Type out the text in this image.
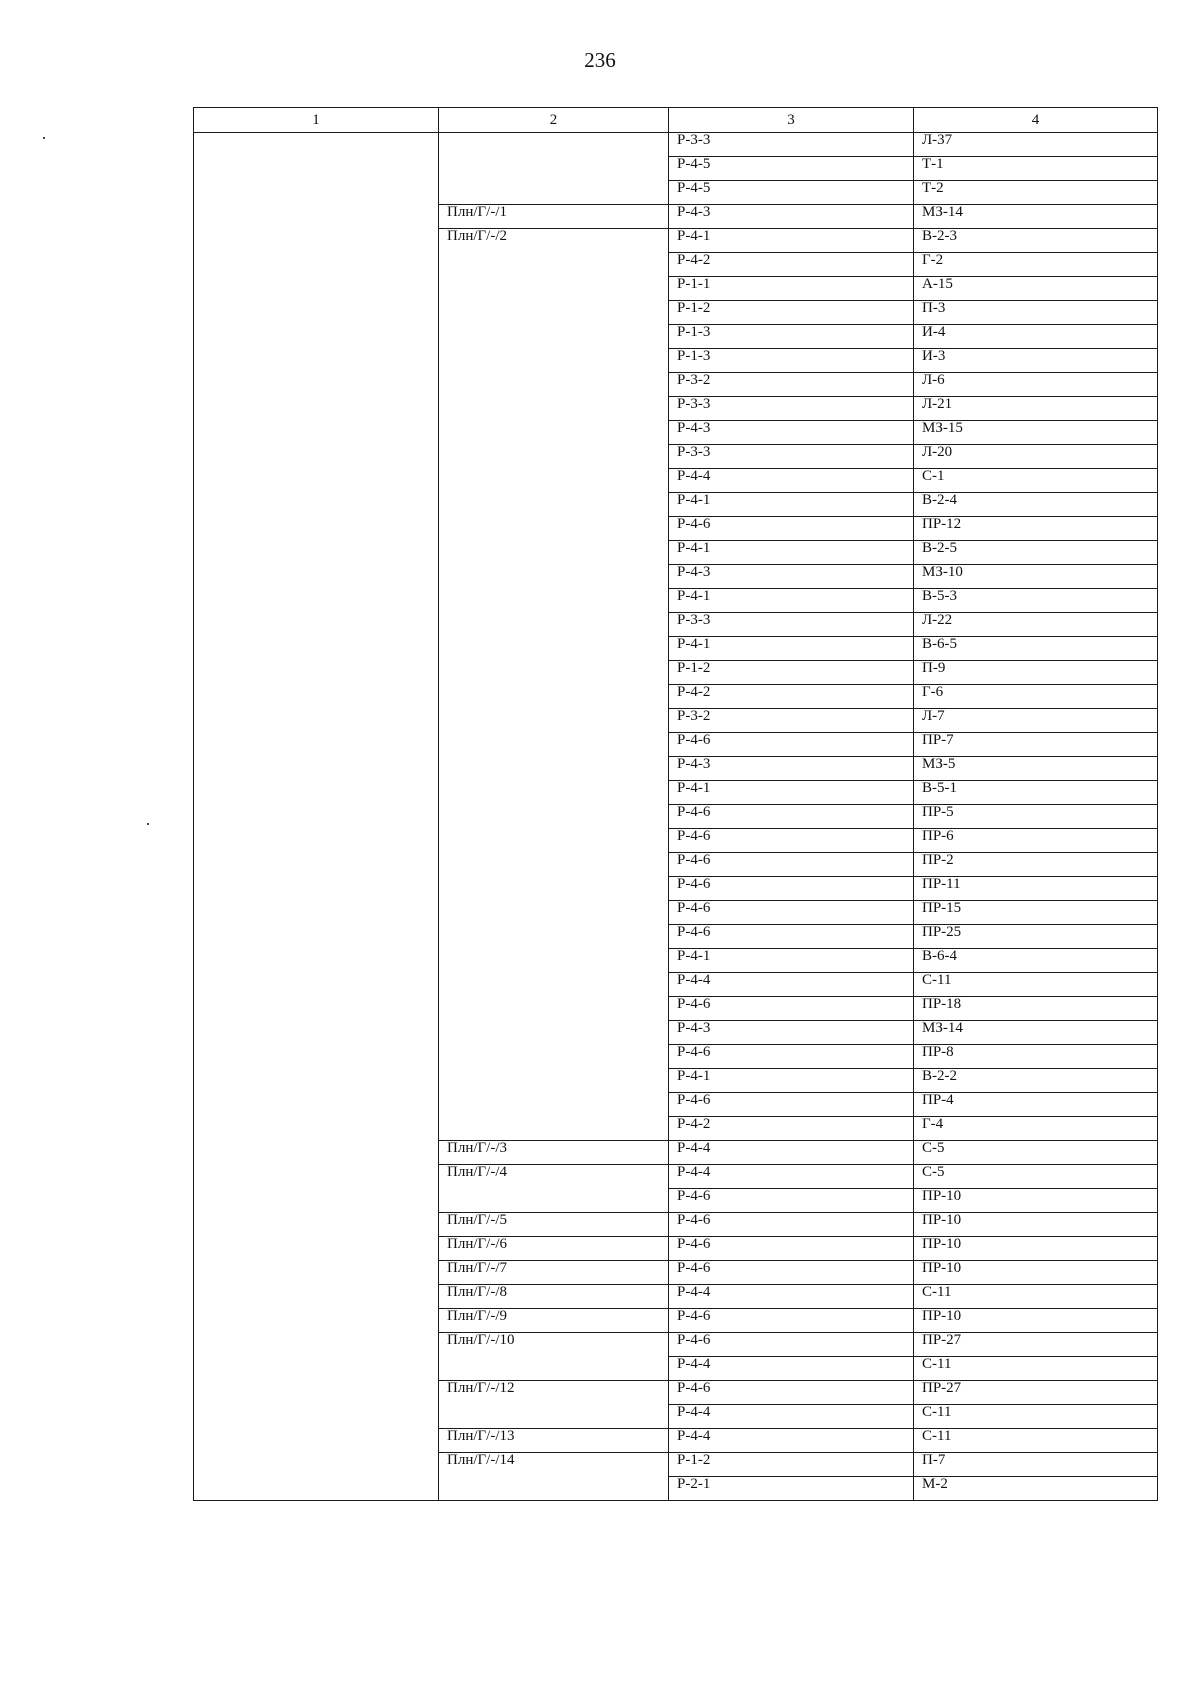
236
1	2	3	4
		Р-3-3	Л-37
		Р-4-5	Т-1
		Р-4-5	Т-2
	Плн/Г/-/1	Р-4-3	МЗ-14
	Плн/Г/-/2	Р-4-1	В-2-3
		Р-4-2	Г-2
		Р-1-1	А-15
		Р-1-2	П-3
		Р-1-3	И-4
		Р-1-3	И-3
		Р-3-2	Л-6
		Р-3-3	Л-21
		Р-4-3	МЗ-15
		Р-3-3	Л-20
		Р-4-4	С-1
		Р-4-1	В-2-4
		Р-4-6	ПР-12
		Р-4-1	В-2-5
		Р-4-3	МЗ-10
		Р-4-1	В-5-3
		Р-3-3	Л-22
		Р-4-1	В-6-5
		Р-1-2	П-9
		Р-4-2	Г-6
		Р-3-2	Л-7
		Р-4-6	ПР-7
		Р-4-3	МЗ-5
		Р-4-1	В-5-1
		Р-4-6	ПР-5
		Р-4-6	ПР-6
		Р-4-6	ПР-2
		Р-4-6	ПР-11
		Р-4-6	ПР-15
		Р-4-6	ПР-25
		Р-4-1	В-6-4
		Р-4-4	С-11
		Р-4-6	ПР-18
		Р-4-3	МЗ-14
		Р-4-6	ПР-8
		Р-4-1	В-2-2
		Р-4-6	ПР-4
		Р-4-2	Г-4
	Плн/Г/-/3	Р-4-4	С-5
	Плн/Г/-/4	Р-4-4	С-5
		Р-4-6	ПР-10
	Плн/Г/-/5	Р-4-6	ПР-10
	Плн/Г/-/6	Р-4-6	ПР-10
	Плн/Г/-/7	Р-4-6	ПР-10
	Плн/Г/-/8	Р-4-4	С-11
	Плн/Г/-/9	Р-4-6	ПР-10
	Плн/Г/-/10	Р-4-6	ПР-27
		Р-4-4	С-11
	Плн/Г/-/12	Р-4-6	ПР-27
		Р-4-4	С-11
	Плн/Г/-/13	Р-4-4	С-11
	Плн/Г/-/14	Р-1-2	П-7
		Р-2-1	М-2
